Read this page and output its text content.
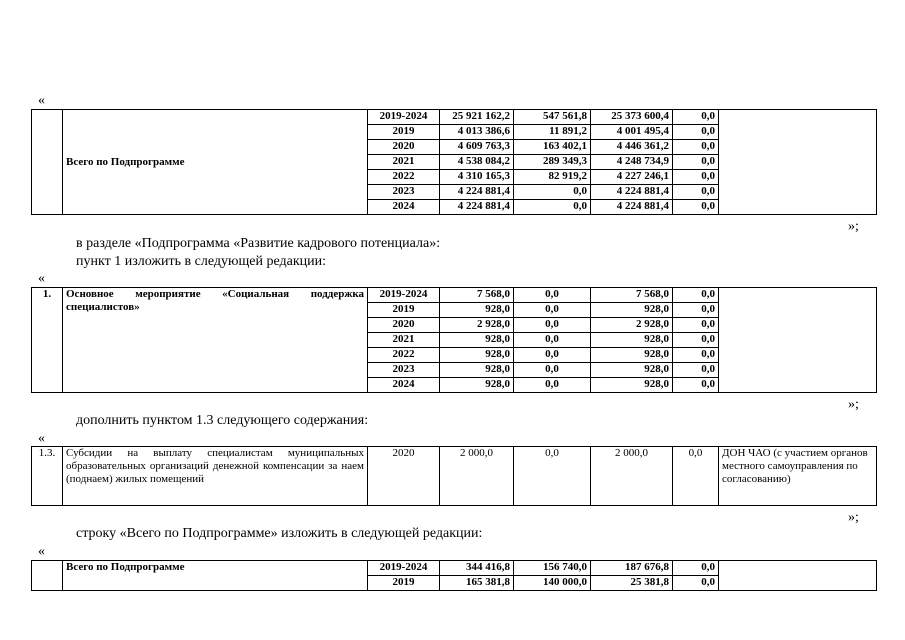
«
	Всего по Подпрограмме	2019-2024	25 921 162,2	547 561,8	25 373 600,4	0,0	
		2019	4 013 386,6	11 891,2	4 001 495,4	0,0	
		2020	4 609 763,3	163 402,1	4 446 361,2	0,0	
		2021	4 538 084,2	289 349,3	4 248 734,9	0,0	
		2022	4 310 165,3	82 919,2	4 227 246,1	0,0	
		2023	4 224 881,4	0,0	4 224 881,4	0,0	
		2024	4 224 881,4	0,0	4 224 881,4	0,0	
»;
в разделе «Подпрограмма «Развитие кадрового потенциала»:
пункт 1 изложить в следующей редакции:
«
1.	Основное мероприятие «Социальная поддержка специалистов»	2019-2024	7 568,0	0,0	7 568,0	0,0	
		2019	928,0	0,0	928,0	0,0	
		2020	2 928,0	0,0	2 928,0	0,0	
		2021	928,0	0,0	928,0	0,0	
		2022	928,0	0,0	928,0	0,0	
		2023	928,0	0,0	928,0	0,0	
		2024	928,0	0,0	928,0	0,0	
»;
дополнить пунктом 1.3 следующего содержания:
«
1.3.	Субсидии на выплату специалистам муниципальных образовательных организаций денежной компенсации за наем (поднаем) жилых помещений	2020	2 000,0	0,0	2 000,0	0,0	ДОН ЧАО (с участием органов местного самоуправления по согласованию)
»;
строку «Всего по Подпрограмме» изложить в следующей редакции:
«
	Всего по Подпрограмме	2019-2024	344 416,8	156 740,0	187 676,8	0,0	
		2019	165 381,8	140 000,0	25 381,8	0,0	
